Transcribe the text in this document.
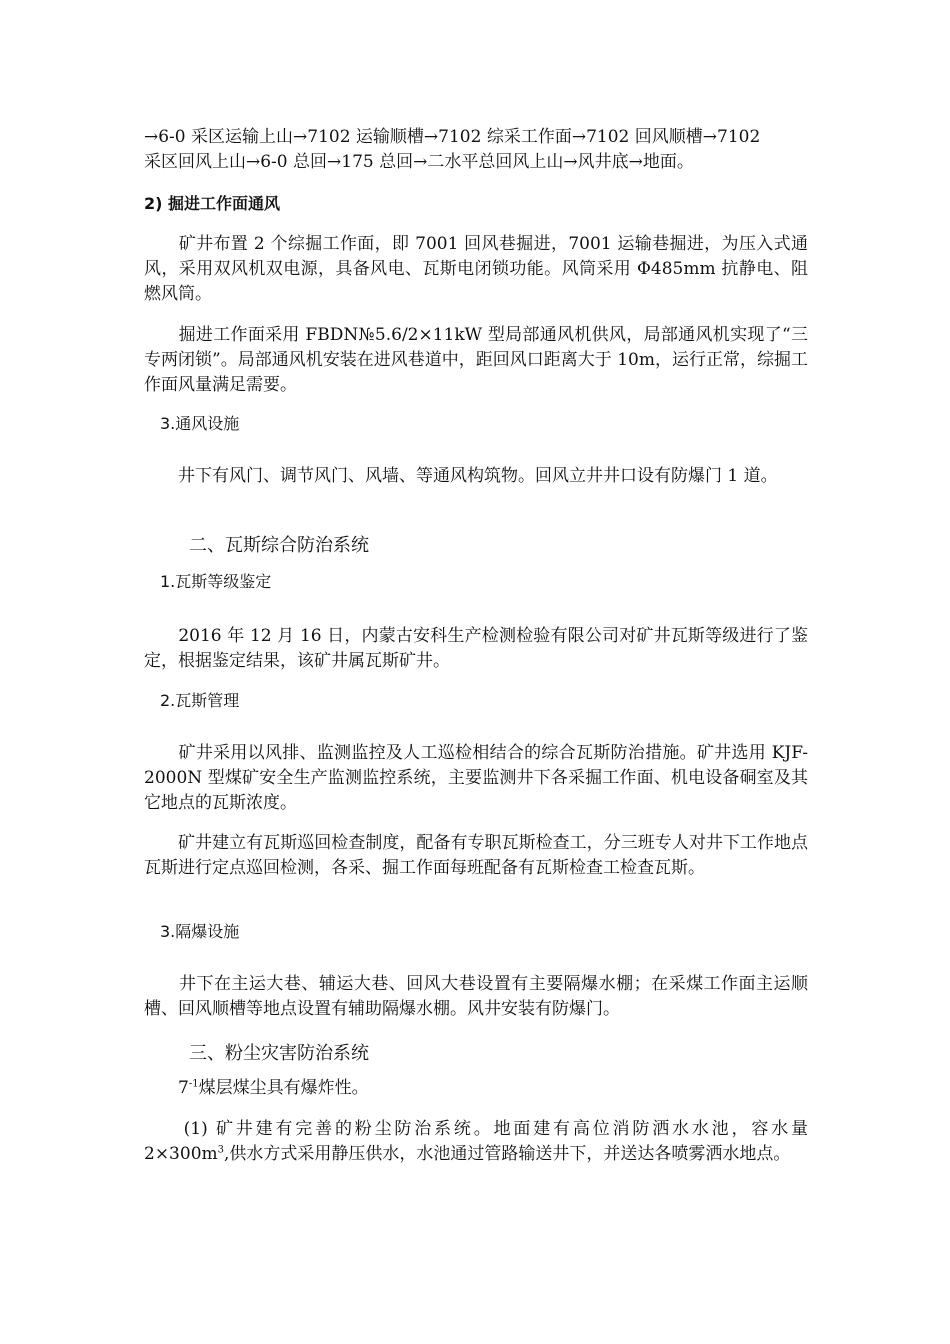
→6-0 采区运输上山→7102 运输顺槽→7102 综采工作面→7102 回风顺槽→7102
采区回风上山→6-0 总回→175 总回→二水平总回风上山→风井底→地面。
2) 掘进工作面通风
　　矿井布置 2 个综掘工作面，即 7001 回风巷掘进，7001 运输巷掘进，为压入式通风，采用双风机双电源，具备风电、瓦斯电闭锁功能。风筒采用 Φ485mm 抗静电、阻燃风筒。
　　掘进工作面采用 FBDN№5.6/2×11kW 型局部通风机供风，局部通风机实现了“三专两闭锁”。局部通风机安装在进风巷道中，距回风口距离大于 10m，运行正常，综掘工作面风量满足需要。
3.通风设施
　　井下有风门、调节风门、风墙、等通风构筑物。回风立井井口设有防爆门 1 道。
二、瓦斯综合防治系统
1.瓦斯等级鉴定
　　2016 年 12 月 16 日，内蒙古安科生产检测检验有限公司对矿井瓦斯等级进行了鉴定，根据鉴定结果，该矿井属瓦斯矿井。
2.瓦斯管理
　　矿井采用以风排、监测监控及人工巡检相结合的综合瓦斯防治措施。矿井选用 KJF-2000N 型煤矿安全生产监测监控系统，主要监测井下各采掘工作面、机电设备硐室及其它地点的瓦斯浓度。
　　矿井建立有瓦斯巡回检查制度，配备有专职瓦斯检查工，分三班专人对井下工作地点瓦斯进行定点巡回检测，各采、掘工作面每班配备有瓦斯检查工检查瓦斯。
3.隔爆设施
　　井下在主运大巷、辅运大巷、回风大巷设置有主要隔爆水棚；在采煤工作面主运顺槽、回风顺槽等地点设置有辅助隔爆水棚。风井安装有防爆门。
三、粉尘灾害防治系统
　　$7^{-1}$煤层煤尘具有爆炸性。
　　(1) 矿井建有完善的粉尘防治系统。地面建有高位消防洒水水池，容水量 $2\times 300m^3$,供水方式采用静压供水，水池通过管路输送井下，并送达各喷雾洒水地点。
